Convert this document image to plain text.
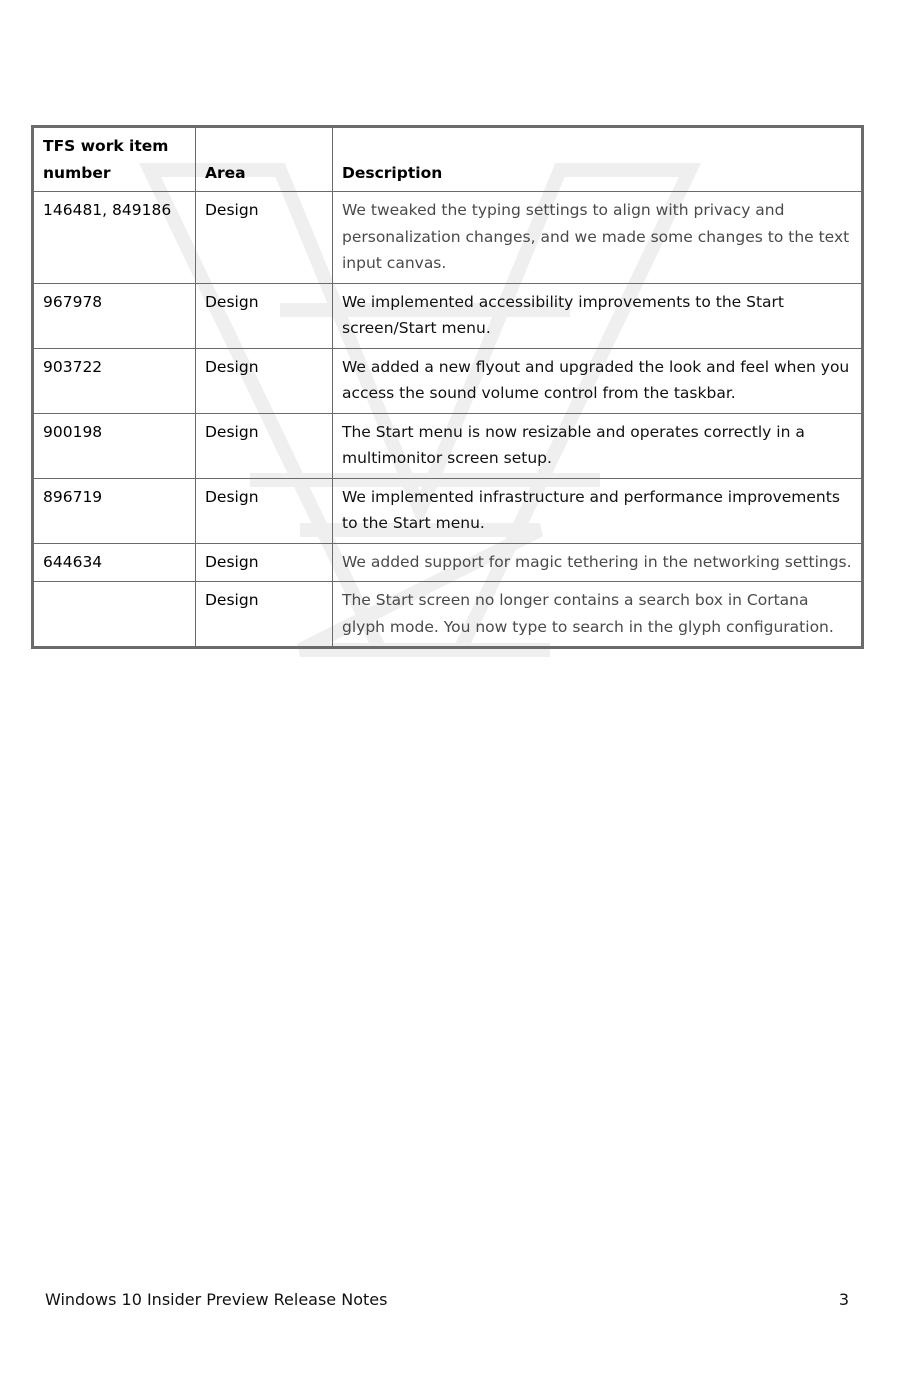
TFS work item number	Area	Description
146481, 849186	Design	We tweaked the typing settings to align with privacy and personalization changes, and we made some changes to the text input canvas.
967978	Design	We implemented accessibility improvements to the Start screen/Start menu.
903722	Design	We added a new flyout and upgraded the look and feel when you access the sound volume control from the taskbar.
900198	Design	The Start menu is now resizable and operates correctly in a multimonitor screen setup.
896719	Design	We implemented infrastructure and performance improvements to the Start menu.
644634	Design	We added support for magic tethering in the networking settings.
	Design	The Start screen no longer contains a search box in Cortana glyph mode. You now type to search in the glyph configuration.
Windows 10 Insider Preview Release Notes	3
